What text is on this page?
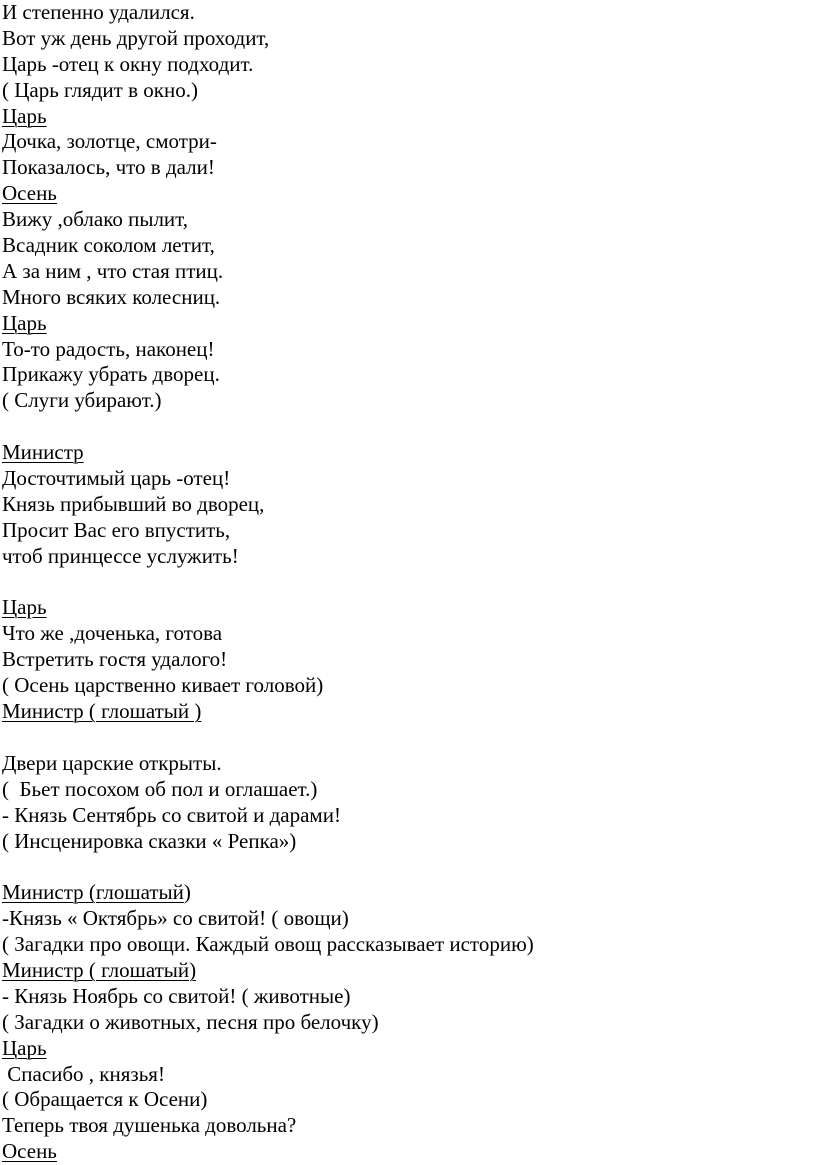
И степенно удалился.
Вот уж день другой проходит,
Царь -отец к окну подходит.
( Царь глядит в окно.)
Царь
Дочка, золотце, смотри-
Показалось, что в дали!
Осень
Вижу ,облако пылит,
Всадник соколом летит,
А за ним , что стая птиц.
Много всяких колесниц.
Царь
То-то радость, наконец!
Прикажу убрать дворец.
( Слуги убирают.)
Министр
Досточтимый царь -отец!
Князь прибывший во дворец,
Просит Вас его впустить,
чтоб принцессе услужить!
Царь
Что же ,доченька, готова
Встретить гостя удалого!
( Осень царственно кивает головой)
Министр ( глошатый )
Двери царские открыты.
(  Бьет посохом об пол и оглашает.)
- Князь Сентябрь со свитой и дарами!
( Инсценировка сказки « Репка»)
Министр (глошатый)
-Князь « Октябрь» со свитой! ( овощи)
( Загадки про овощи. Каждый овощ рассказывает историю)
Министр ( глошатый)
- Князь Ноябрь со свитой! ( животные)
( Загадки о животных, песня про белочку)
Царь
Спасибо , князья!
( Обращается к Осени)
Теперь твоя душенька довольна?
Осень
